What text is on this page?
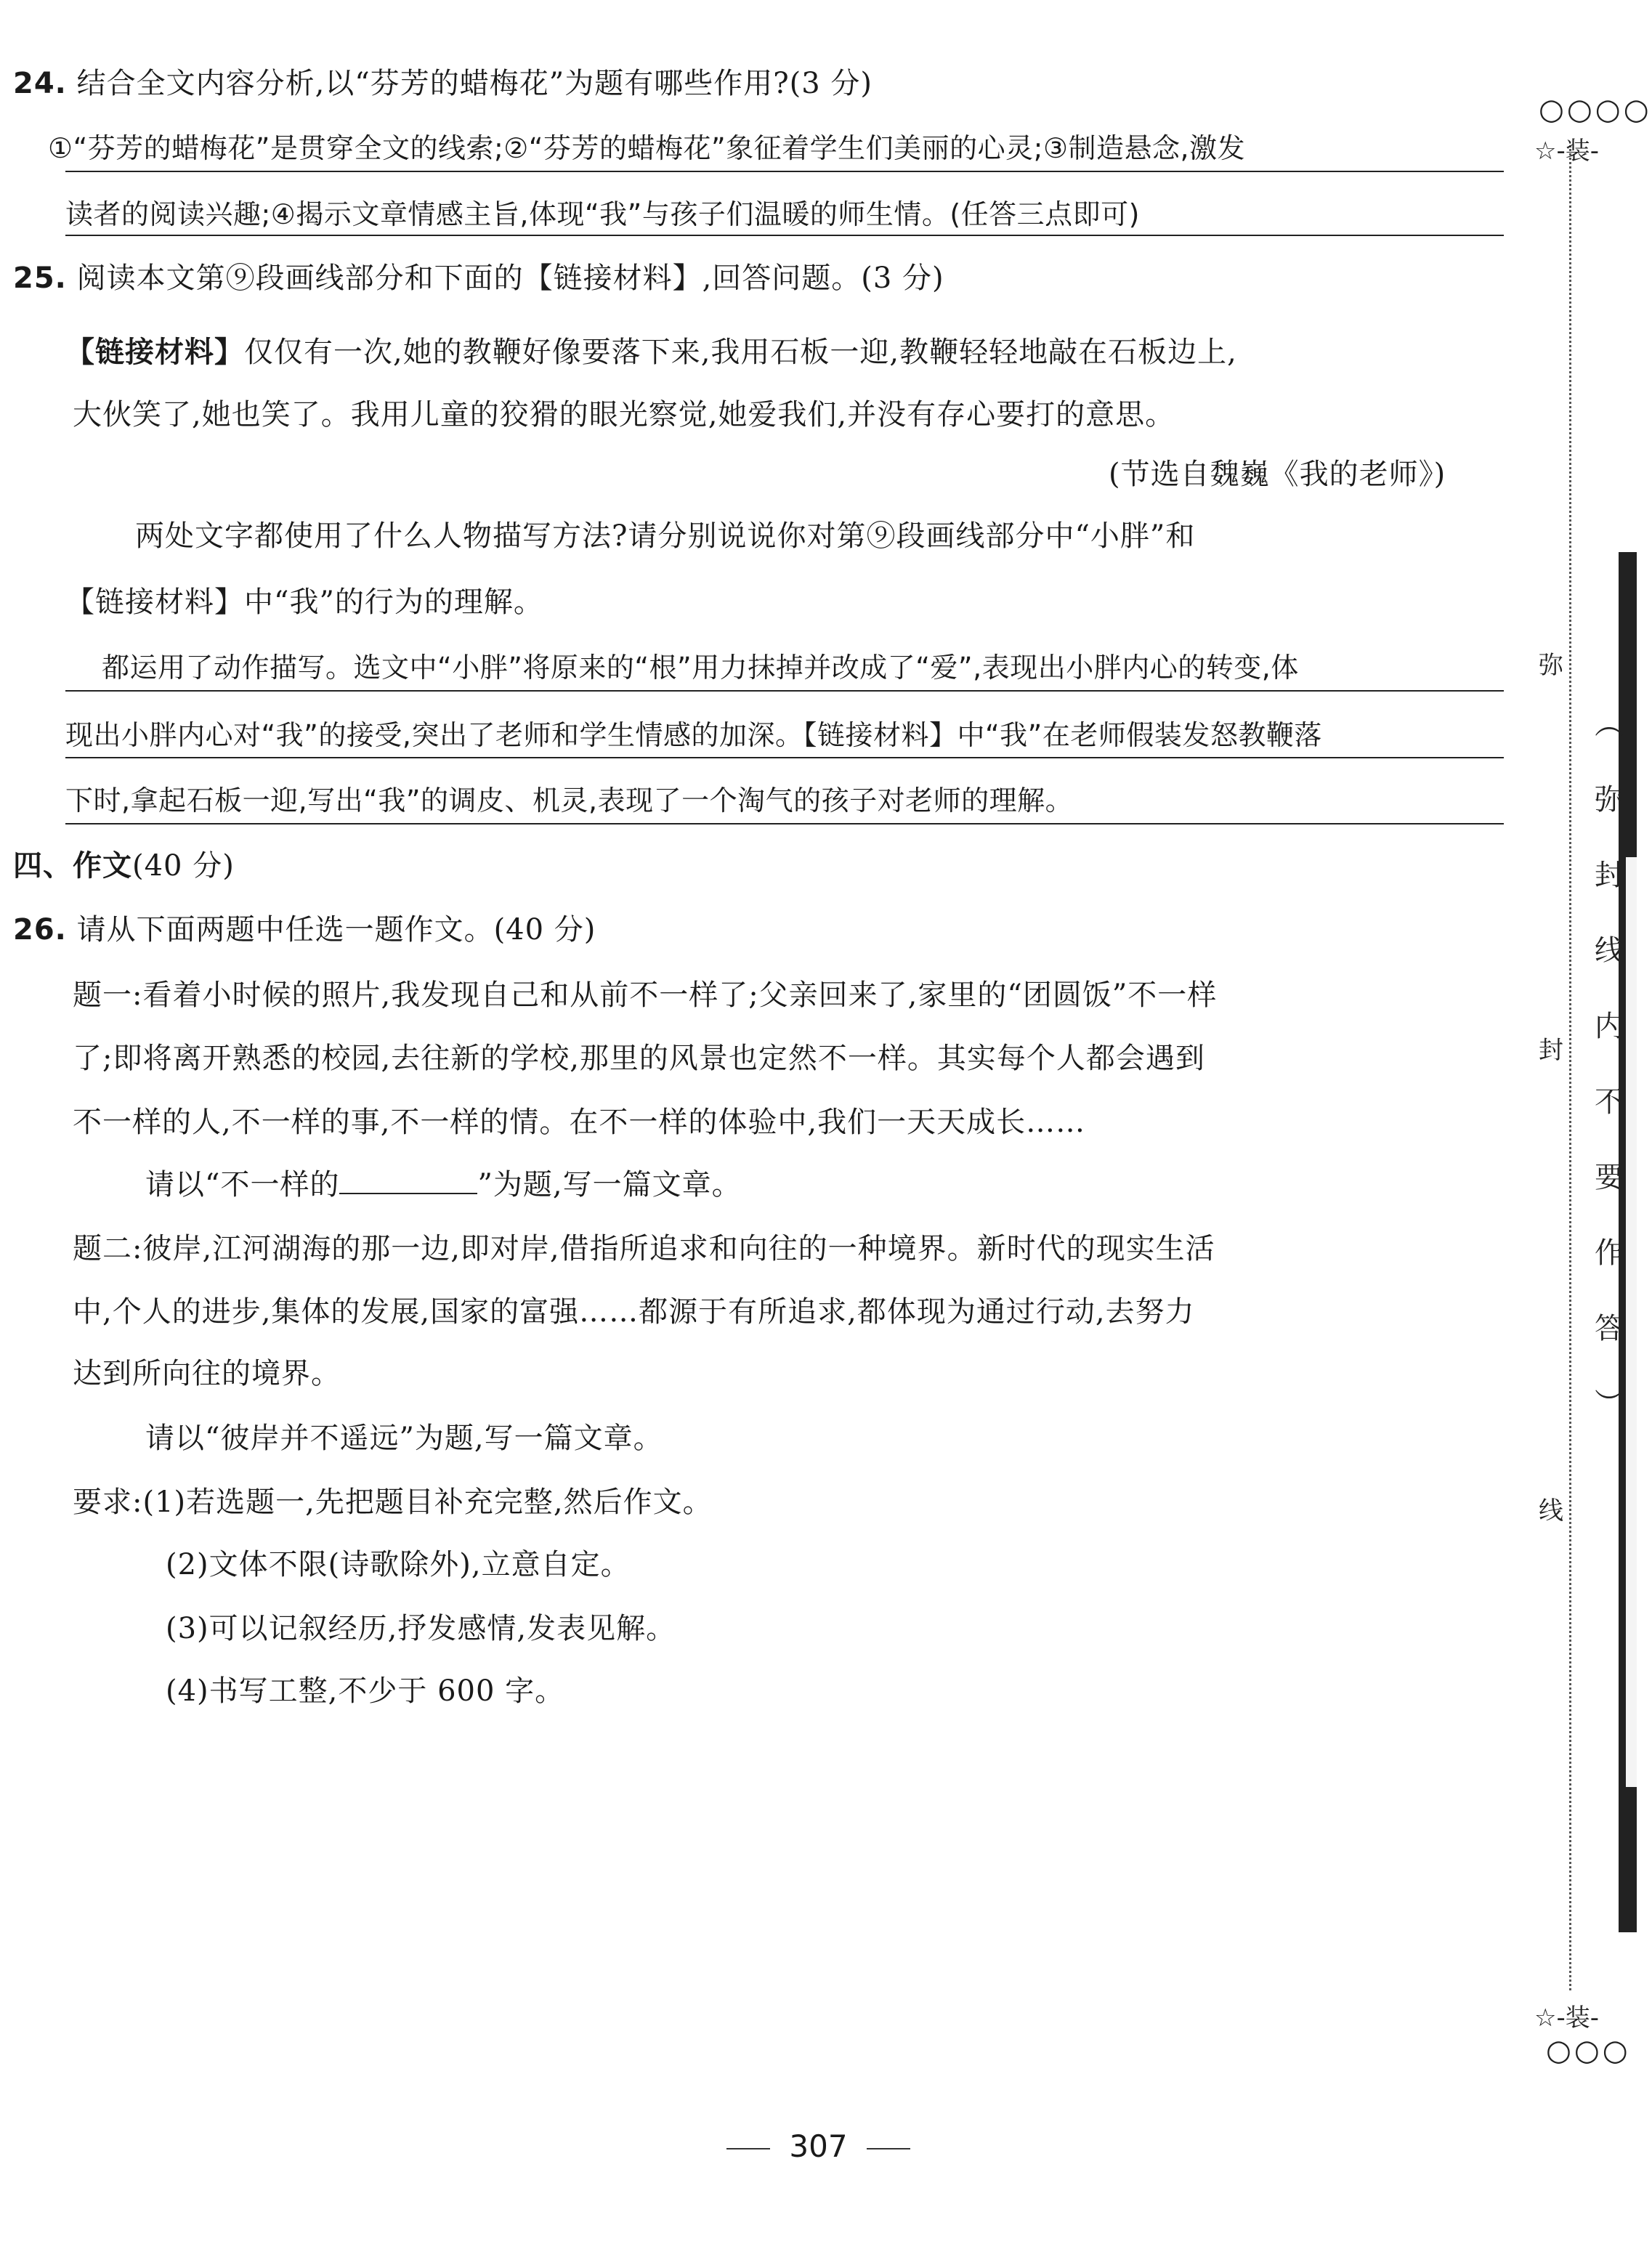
24. 结合全文内容分析,以“芬芳的蜡梅花”为题有哪些作用?(3 分)
①“芬芳的蜡梅花”是贯穿全文的线索;②“芬芳的蜡梅花”象征着学生们美丽的心灵;③制造悬念,激发
读者的阅读兴趣;④揭示文章情感主旨,体现“我”与孩子们温暖的师生情。(任答三点即可)
25. 阅读本文第⑨段画线部分和下面的【链接材料】,回答问题。(3 分)
【链接材料】仅仅有一次,她的教鞭好像要落下来,我用石板一迎,教鞭轻轻地敲在石板边上,
大伙笑了,她也笑了。我用儿童的狡猾的眼光察觉,她爱我们,并没有存心要打的意思。
(节选自魏巍《我的老师》)
两处文字都使用了什么人物描写方法?请分别说说你对第⑨段画线部分中“小胖”和
【链接材料】中“我”的行为的理解。
都运用了动作描写。选文中“小胖”将原来的“根”用力抹掉并改成了“爱”,表现出小胖内心的转变,体
现出小胖内心对“我”的接受,突出了老师和学生情感的加深。【链接材料】中“我”在老师假装发怒教鞭落
下时,拿起石板一迎,写出“我”的调皮、机灵,表现了一个淘气的孩子对老师的理解。
四、作文(40 分)
26. 请从下面两题中任选一题作文。(40 分)
题一:看着小时候的照片,我发现自己和从前不一样了;父亲回来了,家里的“团圆饭”不一样
了;即将离开熟悉的校园,去往新的学校,那里的风景也定然不一样。其实每个人都会遇到
不一样的人,不一样的事,不一样的情。在不一样的体验中,我们一天天成长……
请以“不一样的	”为题,写一篇文章。
题二:彼岸,江河湖海的那一边,即对岸,借指所追求和向往的一种境界。新时代的现实生活
中,个人的进步,集体的发展,国家的富强……都源于有所追求,都体现为通过行动,去努力
达到所向往的境界。
请以“彼岸并不遥远”为题,写一篇文章。
要求:(1)若选题一,先把题目补充完整,然后作文。
(2)文体不限(诗歌除外),立意自定。
(3)可以记叙经历,抒发感情,发表见解。
(4)书写工整,不少于 600 字。
○○○○
☆-装-
弥
封
线
☆-装-
○○○
︵
弥
封
线
内
不
要
作
答
︶
307
